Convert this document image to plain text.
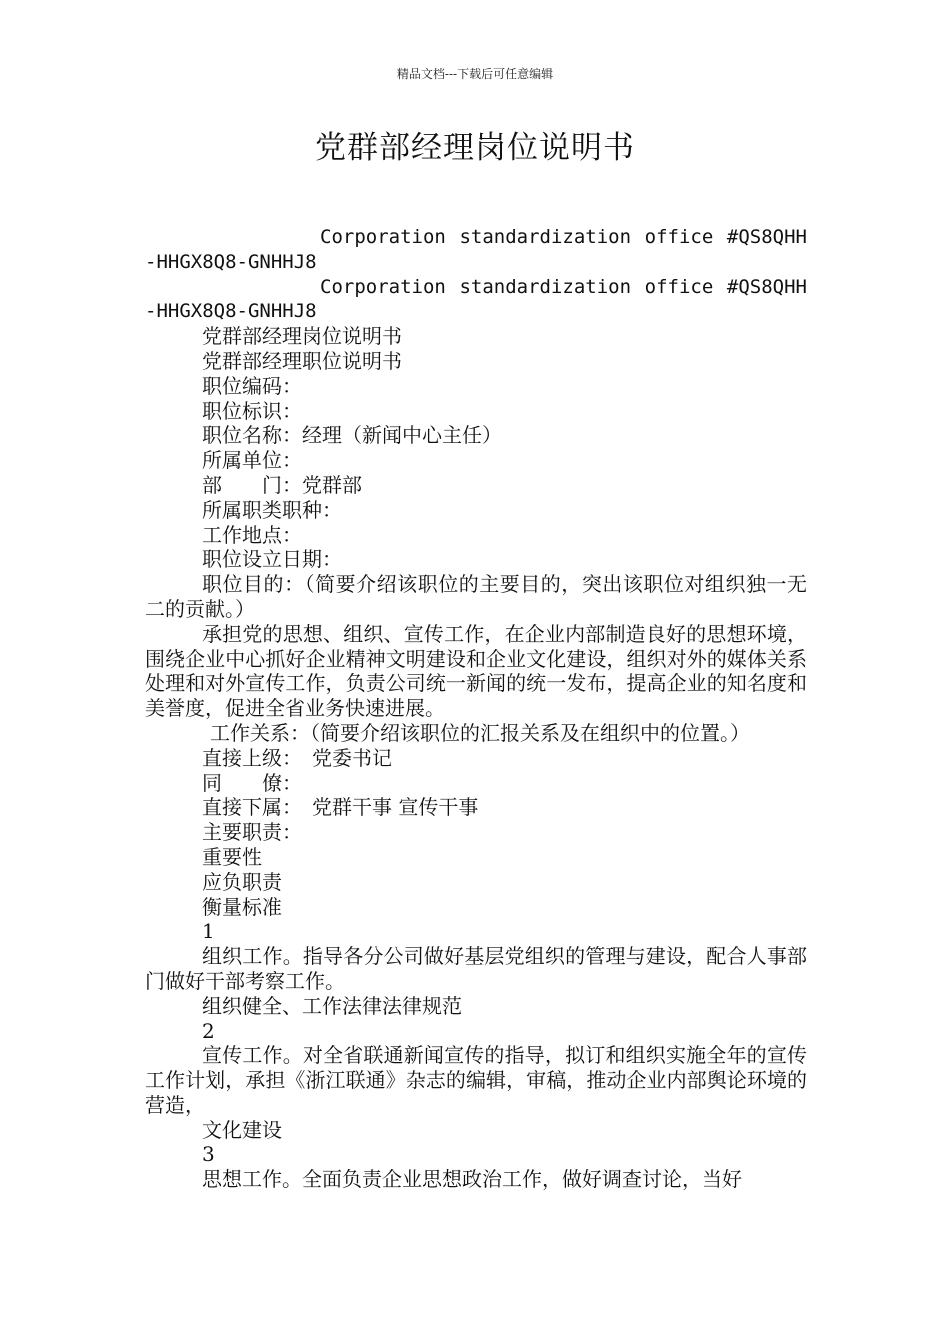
精品文档---下载后可任意编辑
党群部经理岗位说明书

Corporation standardization office #QS8QHH-HHGX8Q8-GNHHJ8

Corporation standardization office #QS8QHH-HHGX8Q8-GNHHJ8

党群部经理岗位说明书

党群部经理职位说明书

职位编码：

职位标识：

职位名称：经理（新闻中心主任）

所属单位：

部　　门：党群部

所属职类职种：

工作地点：

职位设立日期：

职位目的：（简要介绍该职位的主要目的，突出该职位对组织独一无二的贡献。）

承担党的思想、组织、宣传工作，在企业内部制造良好的思想环境，围绕企业中心抓好企业精神文明建设和企业文化建设，组织对外的媒体关系处理和对外宣传工作，负责公司统一新闻的统一发布，提高企业的知名度和美誉度，促进全省业务快速进展。

工作关系：（简要介绍该职位的汇报关系及在组织中的位置。）

直接上级：　党委书记

同　　僚：

直接下属：　党群干事 宣传干事

主要职责：

重要性

应负职责

衡量标准

1

组织工作。指导各分公司做好基层党组织的管理与建设，配合人事部门做好干部考察工作。

组织健全、工作法律法律规范

2

宣传工作。对全省联通新闻宣传的指导，拟订和组织实施全年的宣传工作计划，承担《浙江联通》杂志的编辑，审稿，推动企业内部舆论环境的营造，

文化建设

3

思想工作。全面负责企业思想政治工作，做好调查讨论，当好
